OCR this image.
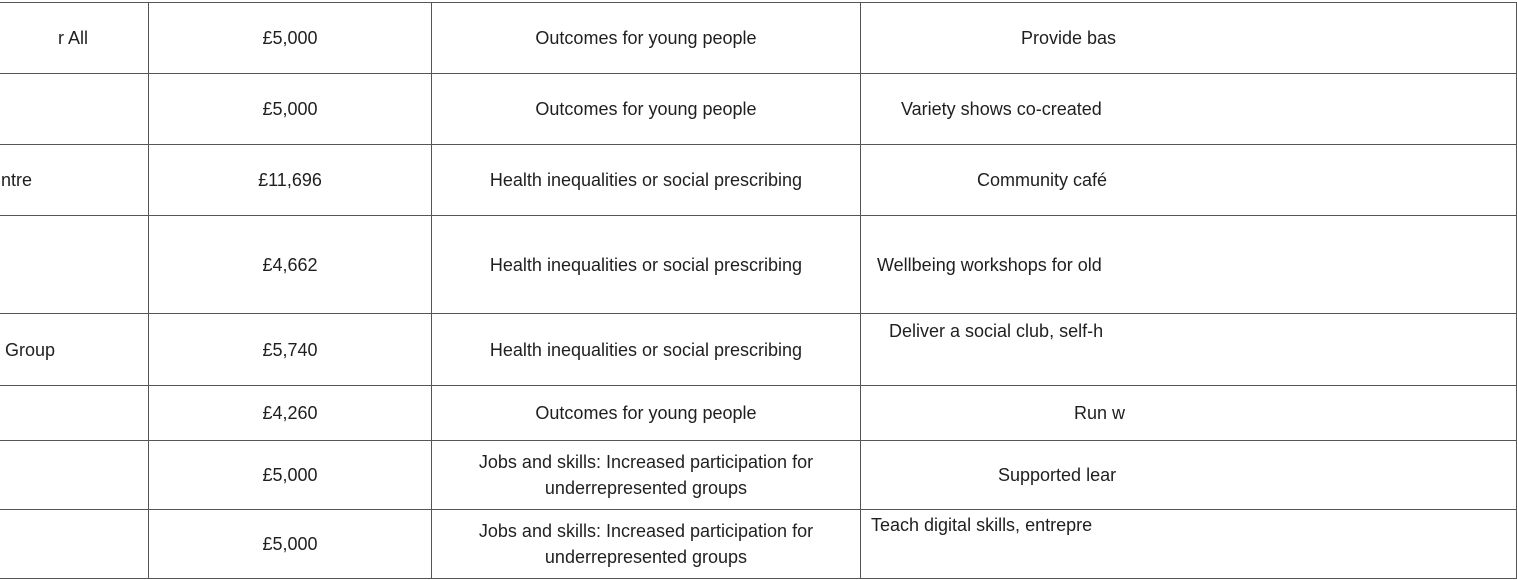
r All	£5,000	Outcomes for young people	Provide bas
	£5,000	Outcomes for young people	Variety shows co-created
ntre	£11,696	Health inequalities or social prescribing	Community café
	£4,662	Health inequalities or social prescribing	Wellbeing workshops for old
Group	£5,740	Health inequalities or social prescribing	Deliver a social club, self-h
	£4,260	Outcomes for young people	Run w
	£5,000	Jobs and skills: Increased participation for underrepresented groups	Supported lear
	£5,000	Jobs and skills: Increased participation for underrepresented groups	Teach digital skills, entrepre
